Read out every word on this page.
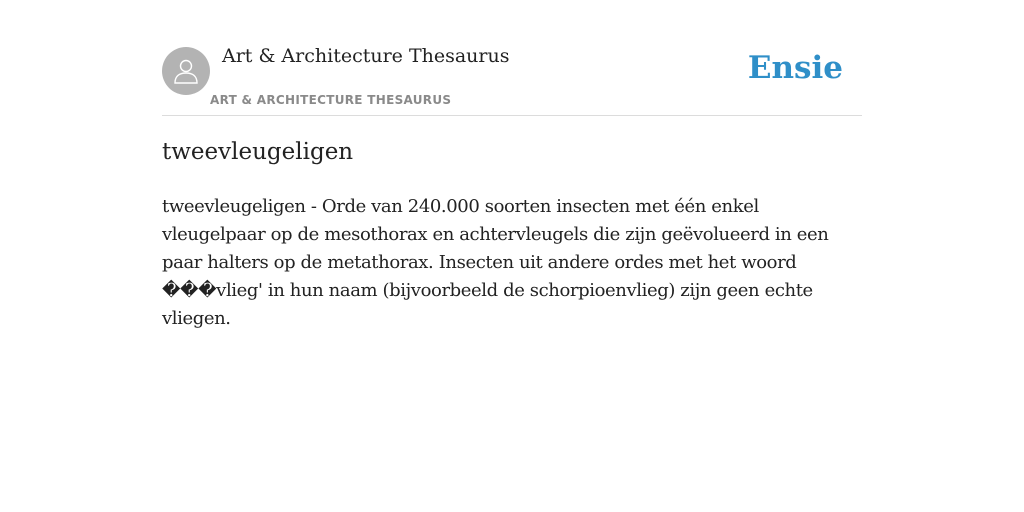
Art & Architecture Thesaurus
ART & ARCHITECTURE THESAURUS
Ensie
tweevleugeligen

tweevleugeligen - Orde van 240.000 soorten insecten met één enkel vleugelpaar op de mesothorax en achtervleugels die zijn geëvolueerd in een paar halters op de metathorax. Insecten uit andere ordes met het woord ���vlieg' in hun naam (bijvoorbeeld de schorpioenvlieg) zijn geen echte vliegen.
